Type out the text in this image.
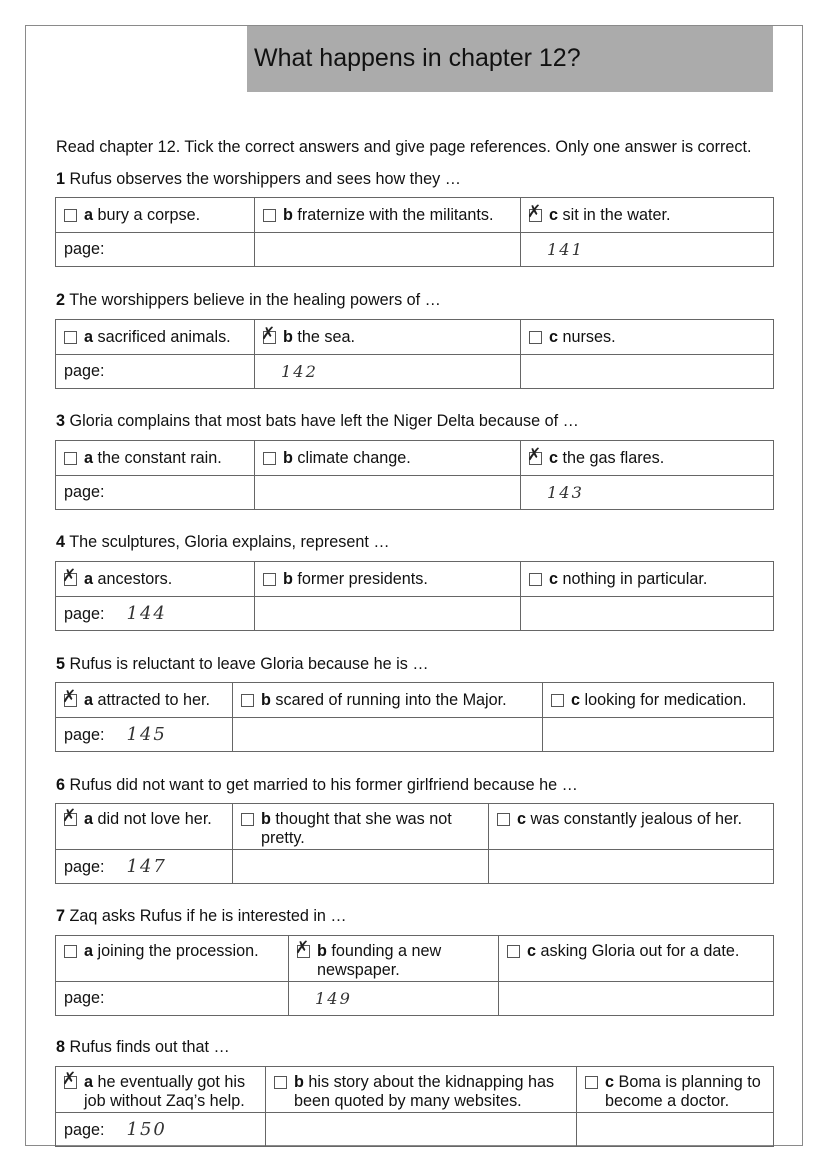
What happens in chapter 12?
Read chapter 12. Tick the correct answers and give page references. Only one answer is correct.
1 Rufus observes the worshippers and sees how they …
a bury a corpse.	b fraternize with the militants.	✗ c sit in the water.

page:		141
2 The worshippers believe in the healing powers of …
a sacrificed animals.	✗ b the sea.	c nurses.

page:	142	
3 Gloria complains that most bats have left the Niger Delta because of …
a the constant rain.	b climate change.	✗ c the gas flares.

page:		143
4 The sculptures, Gloria explains, represent …
✗ a ancestors.	b former presidents.	c nothing in particular.

page: 144		
5 Rufus is reluctant to leave Gloria because he is …
✗ a attracted to her.	b scared of running into the Major.	c looking for medication.

page: 145		
6 Rufus did not want to get married to his former girlfriend because he …
✗ a did not love her.	b thought that she was not pretty.	c was constantly jealous of her.

page: 147		
7 Zaq asks Rufus if he is interested in …
a joining the procession.	✗ b founding a new newspaper.	c asking Gloria out for a date.

page:	149	
8 Rufus finds out that …
✗ a he eventually got his job without Zaq’s help.	b his story about the kidnapping has been quoted by many websites.	c Boma is planning to become a doctor.

page: 150		
